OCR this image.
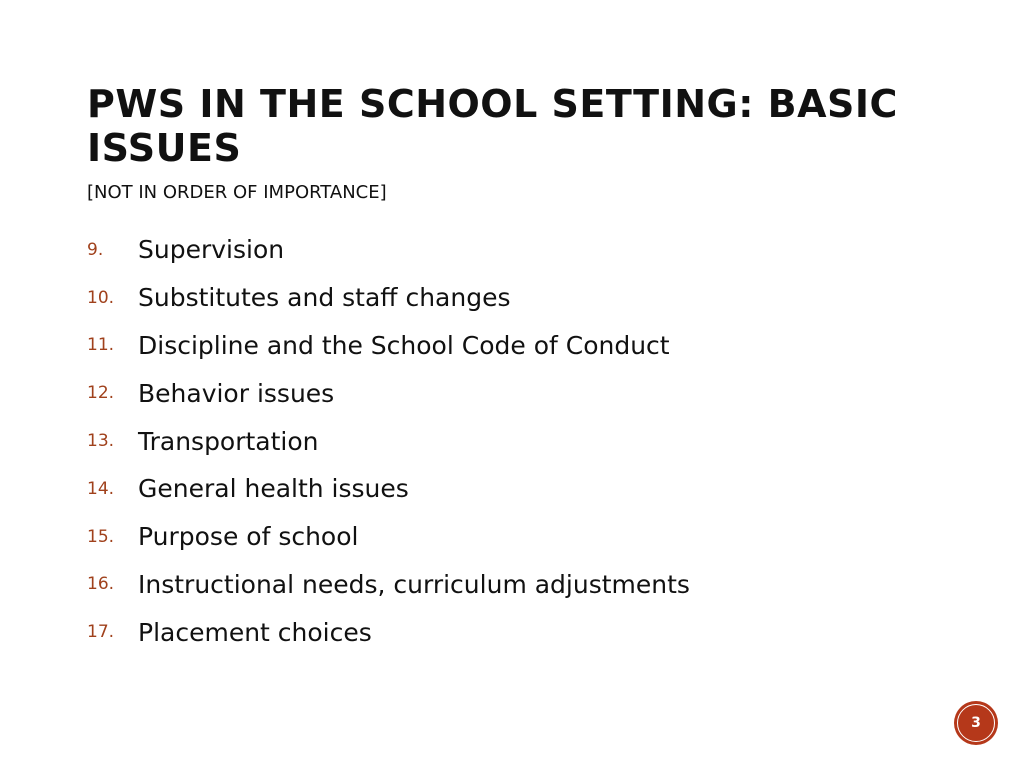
PWS IN THE SCHOOL SETTING: BASIC ISSUES

[NOT IN ORDER OF IMPORTANCE]

9.	Supervision
10. Substitutes and staff changes
11. Discipline and the School Code of Conduct
12. Behavior issues
13. Transportation
14. General health issues
15. Purpose of school
16. Instructional needs, curriculum adjustments
17. Placement choices
3
